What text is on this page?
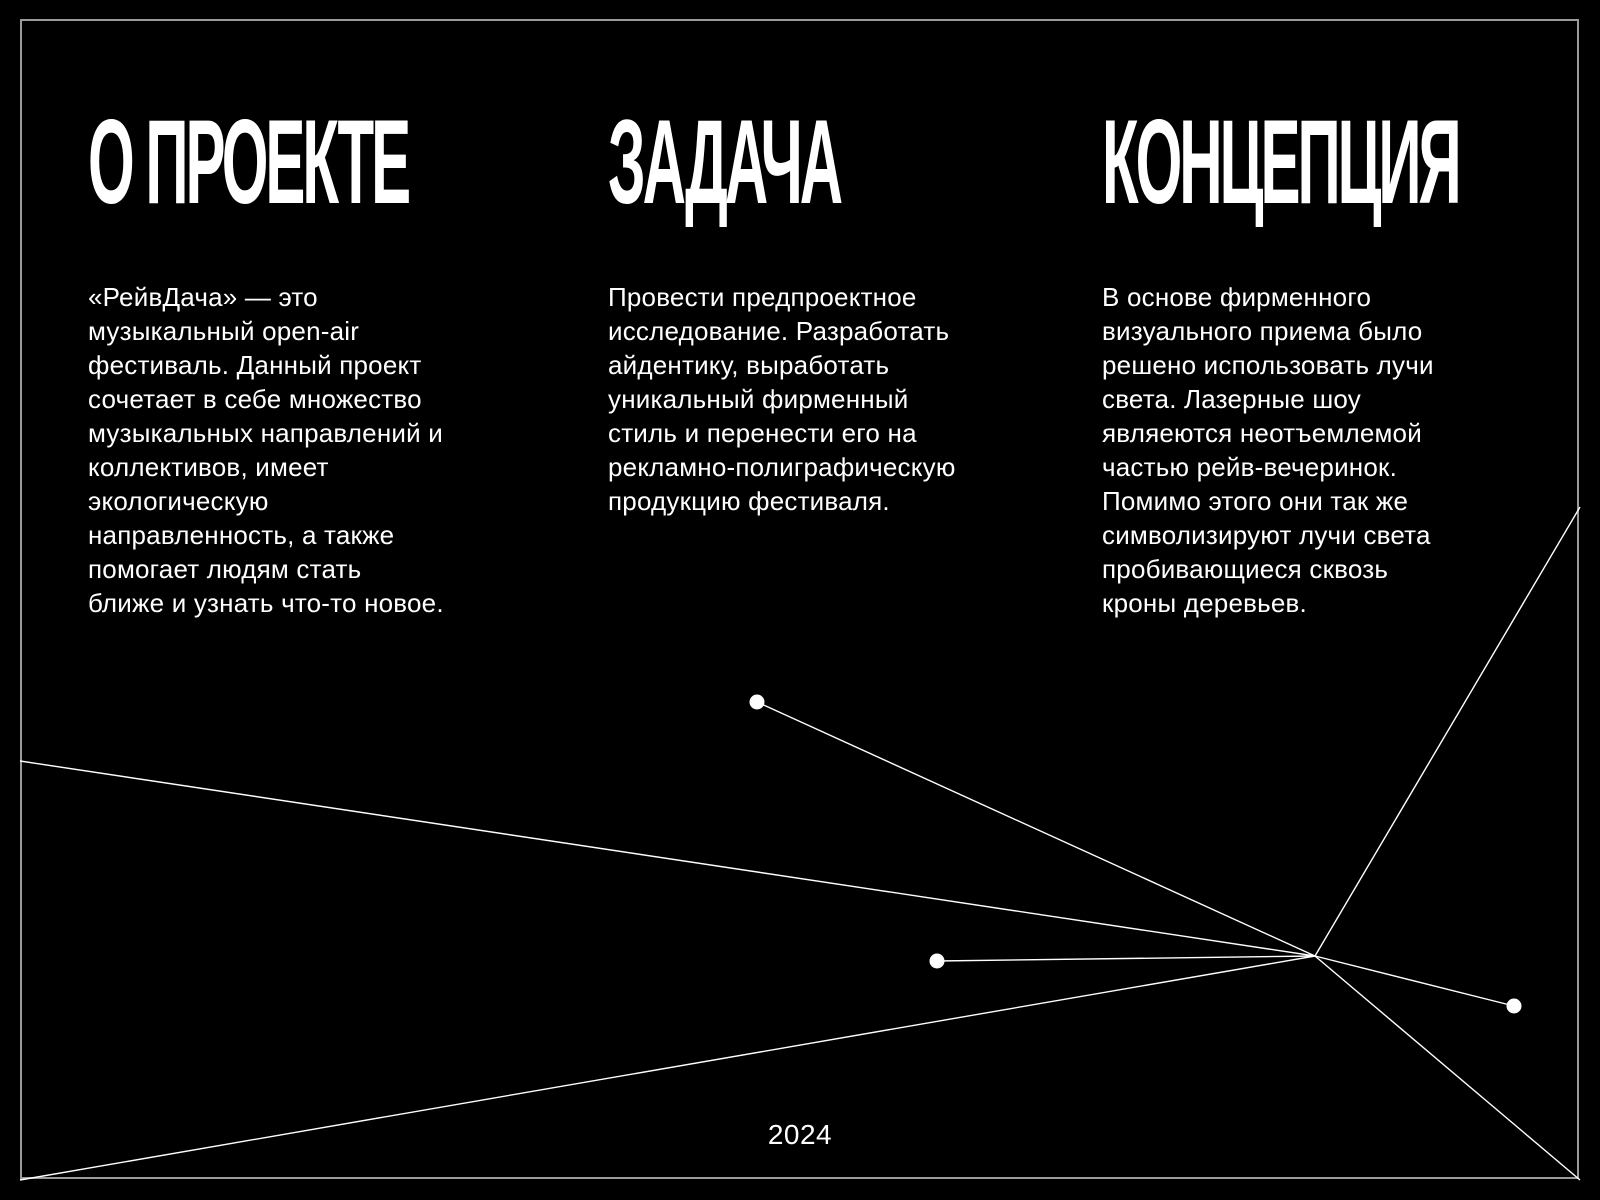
О ПРОЕКТЕ

«РейвДача» — это
музыкальный open-air
фестиваль. Данный проект
сочетает в себе множество
музыкальных направлений и
коллективов, имеет
экологическую
направленность, а также
помогает людям стать
ближе и узнать что-то новое.

ЗАДАЧА

Провести предпроектное
исследование. Разработать
айдентику, выработать
уникальный фирменный
стиль и перенести его на
рекламно-полиграфическую
продукцию фестиваля.

КОНЦЕПЦИЯ

В основе фирменного
визуального приема было
решено использовать лучи
света. Лазерные шоу
являеются неотъемлемой
частью рейв-вечеринок.
Помимо этого они так же
символизируют лучи света
пробивающиеся сквозь
кроны деревьев.

2024
